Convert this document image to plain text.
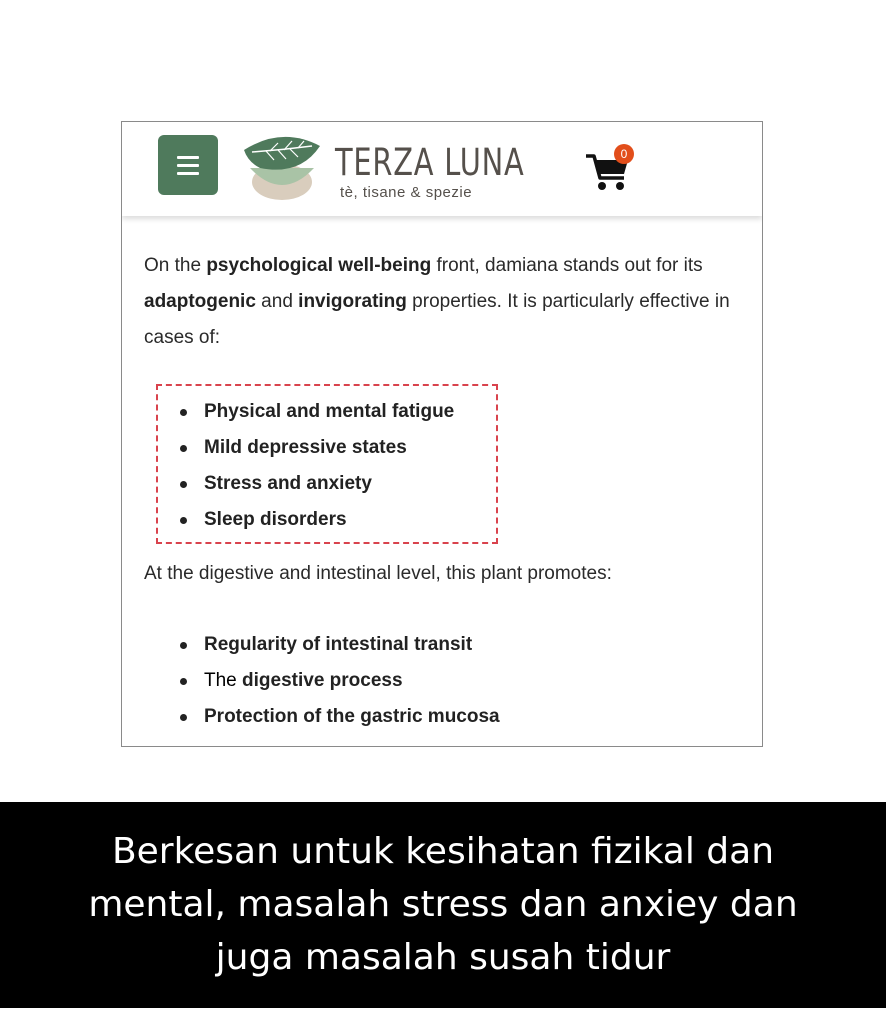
TERZA LUNA
tè, tisane & spezie
0

On the psychological well-being front, damiana stands out for its adaptogenic and invigorating properties. It is particularly effective in cases of:

Physical and mental fatigue
Mild depressive states
Stress and anxiety
Sleep disorders

At the digestive and intestinal level, this plant promotes:

Regularity of intestinal transit
The digestive process
Protection of the gastric mucosa
Berkesan untuk kesihatan fizikal dan
mental, masalah stress dan anxiey dan
juga masalah susah tidur
